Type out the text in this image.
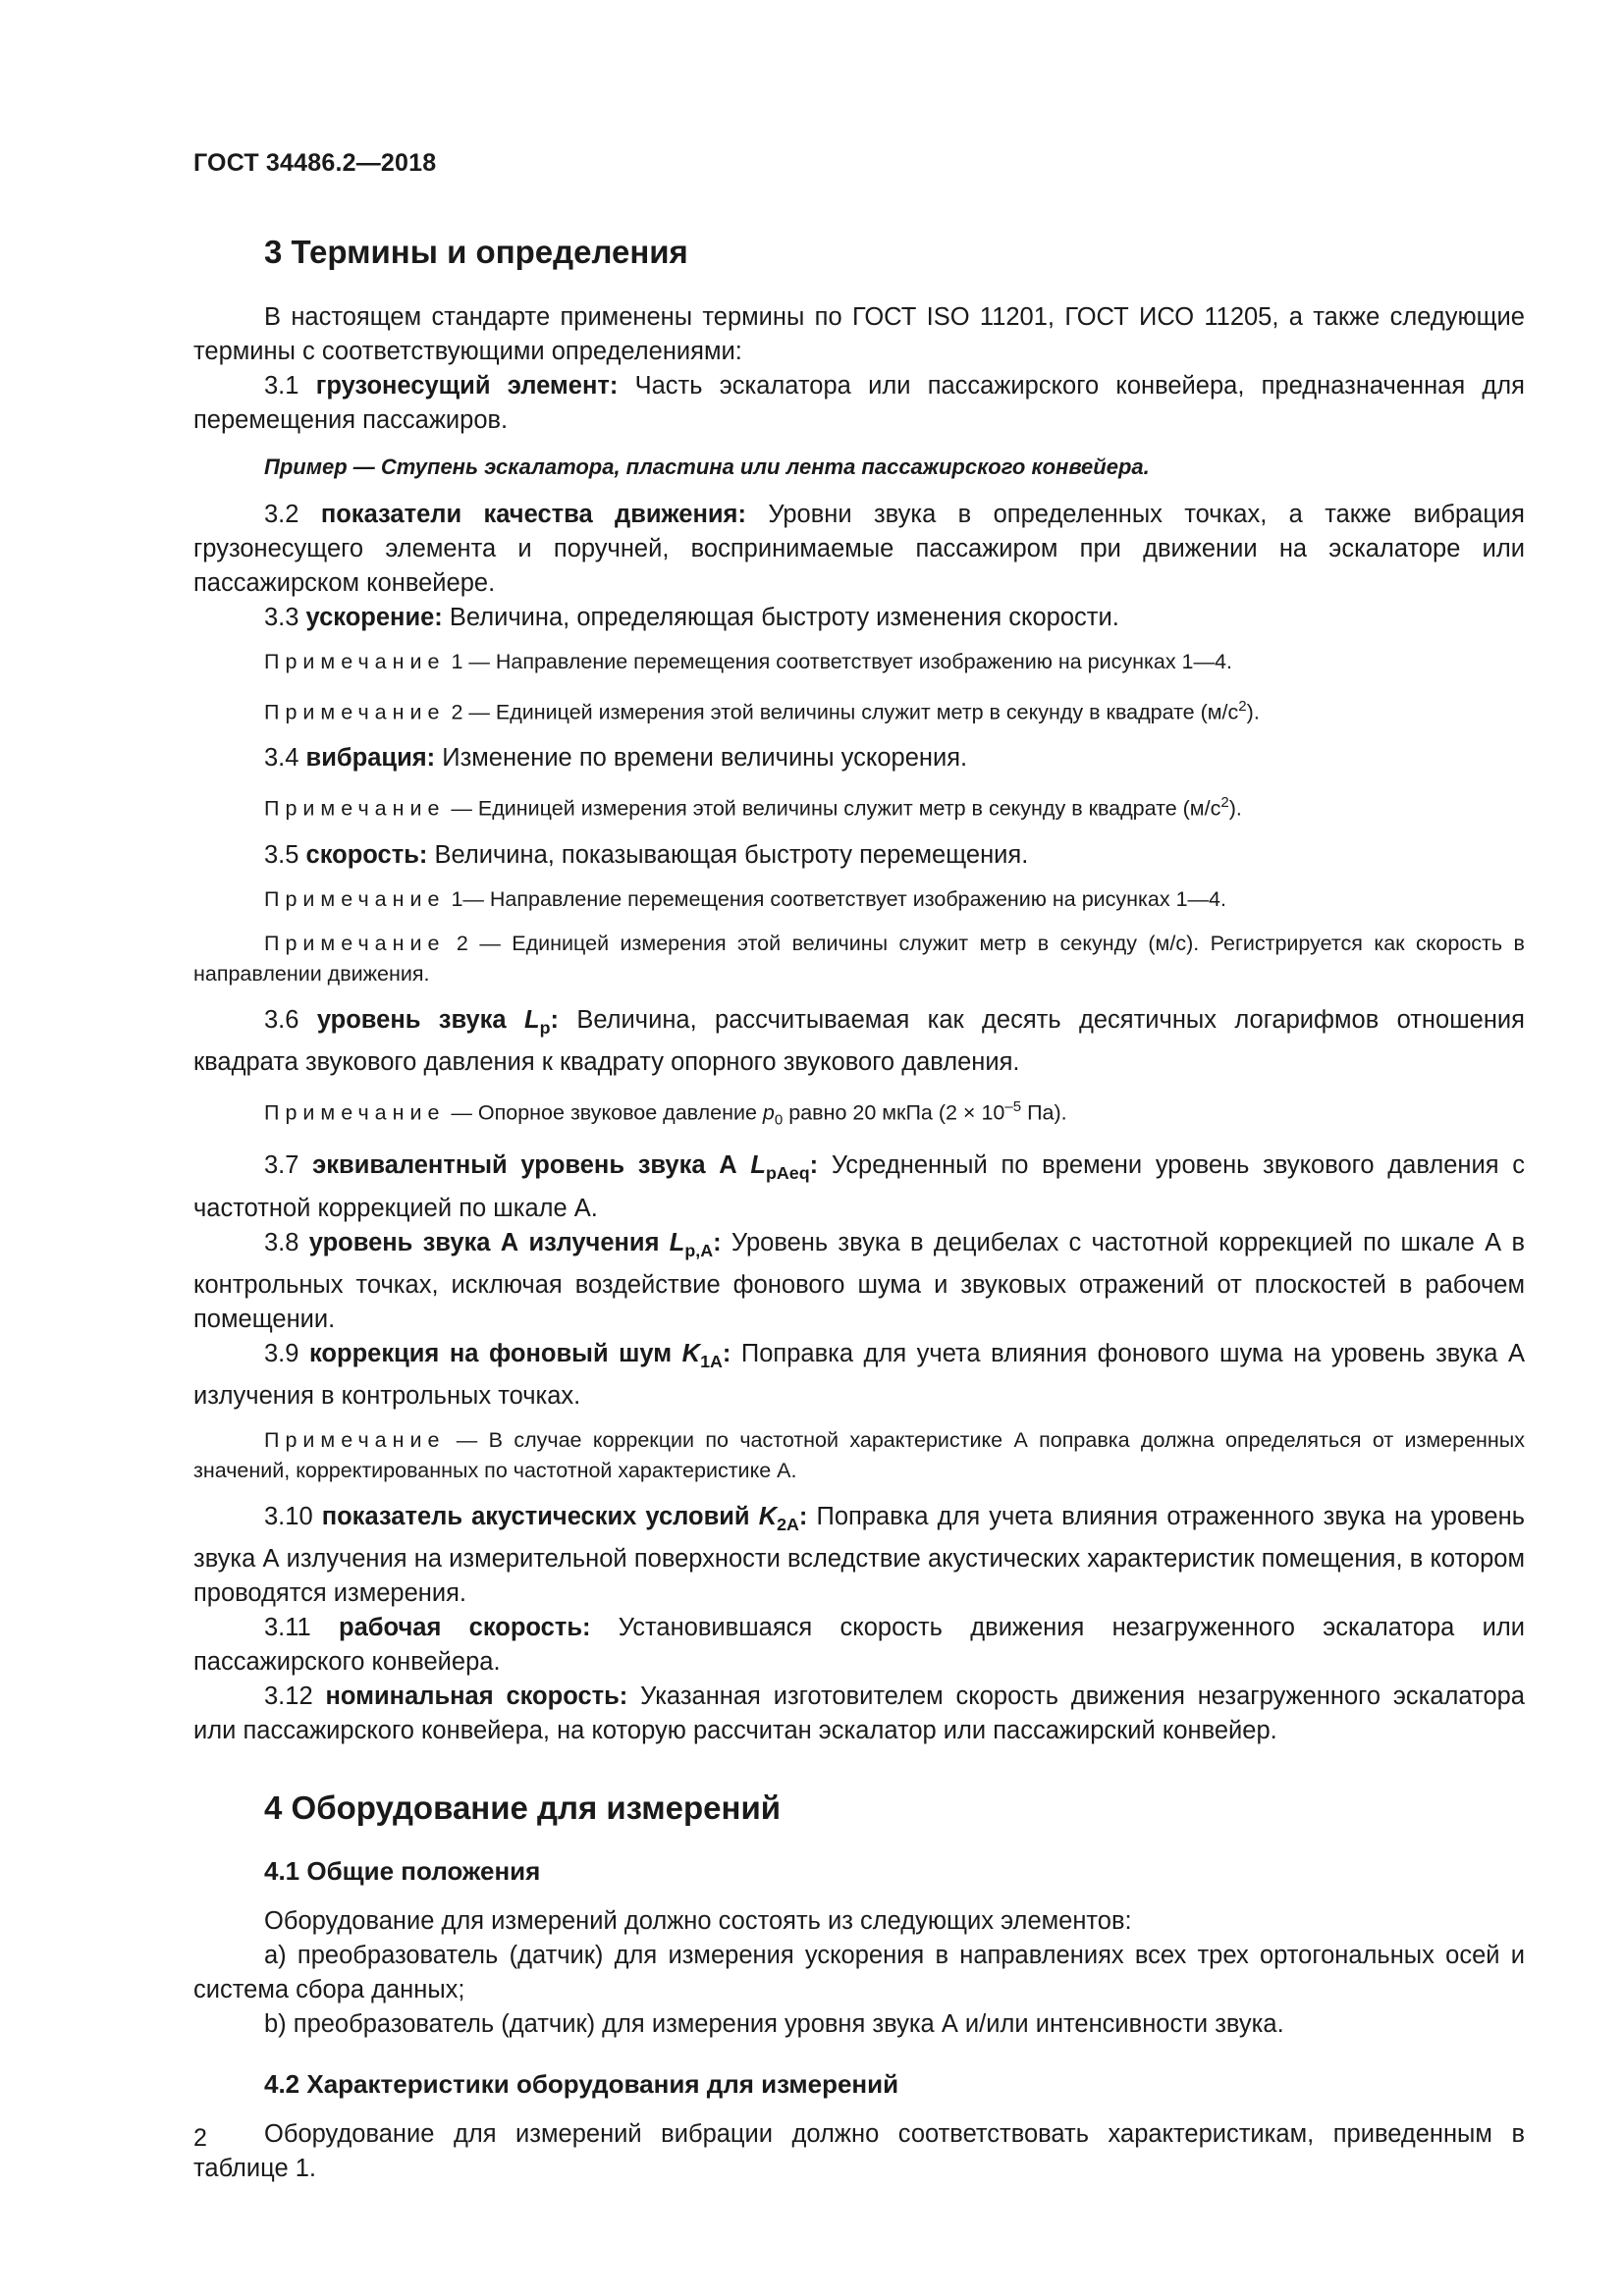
ГОСТ 34486.2—2018
3 Термины и определения

В настоящем стандарте применены термины по ГОСТ ISO 11201, ГОСТ ИСО 11205, а также следующие термины с соответствующими определениями:

3.1 грузонесущий элемент: Часть эскалатора или пассажирского конвейера, предназначенная для перемещения пассажиров.

Пример — Ступень эскалатора, пластина или лента пассажирского конвейера.

3.2 показатели качества движения: Уровни звука в определенных точках, а также вибрация грузонесущего элемента и поручней, воспринимаемые пассажиром при движении на эскалаторе или пассажирском конвейере.

3.3 ускорение: Величина, определяющая быстроту изменения скорости.

Примечание 1 — Направление перемещения соответствует изображению на рисунках 1—4.

Примечание 2 — Единицей измерения этой величины служит метр в секунду в квадрате $(м/с^2)$.

3.4 вибрация: Изменение по времени величины ускорения.

Примечание — Единицей измерения этой величины служит метр в секунду в квадрате $(м/с^2)$.

3.5 скорость: Величина, показывающая быстроту перемещения.

Примечание 1— Направление перемещения соответствует изображению на рисунках 1—4.

Примечание 2 — Единицей измерения этой величины служит метр в секунду (м/с). Регистрируется как скорость в направлении движения.

3.6 уровень звука $L_p$: Величина, рассчитываемая как десять десятичных логарифмов отношения квадрата звукового давления к квадрату опорного звукового давления.

Примечание — Опорное звуковое давление $p_0$ равно 20 мкПа ($2 \times 10^{-5}$ Па).

3.7 эквивалентный уровень звука А $L_{pAeq}$: Усредненный по времени уровень звукового давления с частотной коррекцией по шкале А.

3.8 уровень звука А излучения $L_{p,A}$: Уровень звука в децибелах с частотной коррекцией по шкале А в контрольных точках, исключая воздействие фонового шума и звуковых отражений от плоскостей в рабочем помещении.

3.9 коррекция на фоновый шум $K_{1A}$: Поправка для учета влияния фонового шума на уровень звука А излучения в контрольных точках.

Примечание — В случае коррекции по частотной характеристике А поправка должна определяться от измеренных значений, корректированных по частотной характеристике А.

3.10 показатель акустических условий $K_{2A}$: Поправка для учета влияния отраженного звука на уровень звука А излучения на измерительной поверхности вследствие акустических характеристик помещения, в котором проводятся измерения.

3.11 рабочая скорость: Установившаяся скорость движения незагруженного эскалатора или пассажирского конвейера.

3.12 номинальная скорость: Указанная изготовителем скорость движения незагруженного эскалатора или пассажирского конвейера, на которую рассчитан эскалатор или пассажирский конвейер.

4 Оборудование для измерений
4.1 Общие положения

Оборудование для измерений должно состоять из следующих элементов:

a) преобразователь (датчик) для измерения ускорения в направлениях всех трех ортогональных осей и система сбора данных;

b) преобразователь (датчик) для измерения уровня звука А и/или интенсивности звука.

4.2 Характеристики оборудования для измерений

Оборудование для измерений вибрации должно соответствовать характеристикам, приведенным в таблице 1.

2
